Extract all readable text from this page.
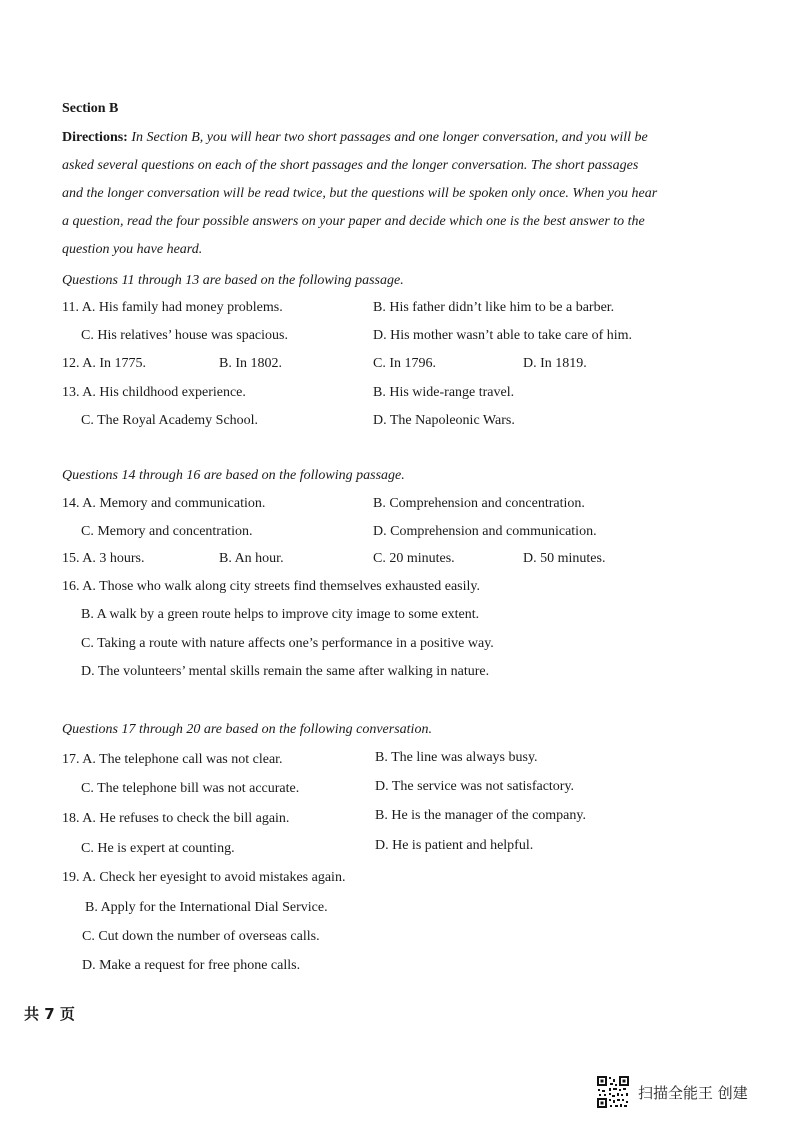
Section B
Directions: In Section B, you will hear two short passages and one longer conversation, and you will be asked several questions on each of the short passages and the longer conversation. The short passages and the longer conversation will be read twice, but the questions will be spoken only once. When you hear a question, read the four possible answers on your paper and decide which one is the best answer to the question you have heard.
Questions 11 through 13 are based on the following passage.
11. A. His family had money problems.	B. His father didn’t like him to be a barber.
C. His relatives’ house was spacious.	D. His mother wasn’t able to take care of him.
12. A. In 1775.	B. In 1802.	C. In 1796.	D. In 1819.
13. A. His childhood experience.	B. His wide-range travel.
C. The Royal Academy School.	D. The Napoleonic Wars.
Questions 14 through 16 are based on the following passage.
14. A. Memory and communication.	B. Comprehension and concentration.
C. Memory and concentration.	D. Comprehension and communication.
15. A. 3 hours.	B. An hour.	C. 20 minutes.	D. 50 minutes.
16. A. Those who walk along city streets find themselves exhausted easily.
B. A walk by a green route helps to improve city image to some extent.
C. Taking a route with nature affects one’s performance in a positive way.
D. The volunteers’ mental skills remain the same after walking in nature.
Questions 17 through 20 are based on the following conversation.
17. A. The telephone call was not clear.	B. The line was always busy.
C. The telephone bill was not accurate.	D. The service was not satisfactory.
18. A. He refuses to check the bill again.	B. He is the manager of the company.
C. He is expert at counting.	D. He is patient and helpful.
19. A. Check her eyesight to avoid mistakes again.
B. Apply for the International Dial Service.
C. Cut down the number of overseas calls.
D. Make a request for free phone calls.
共 7 页
扫描全能王 创建
